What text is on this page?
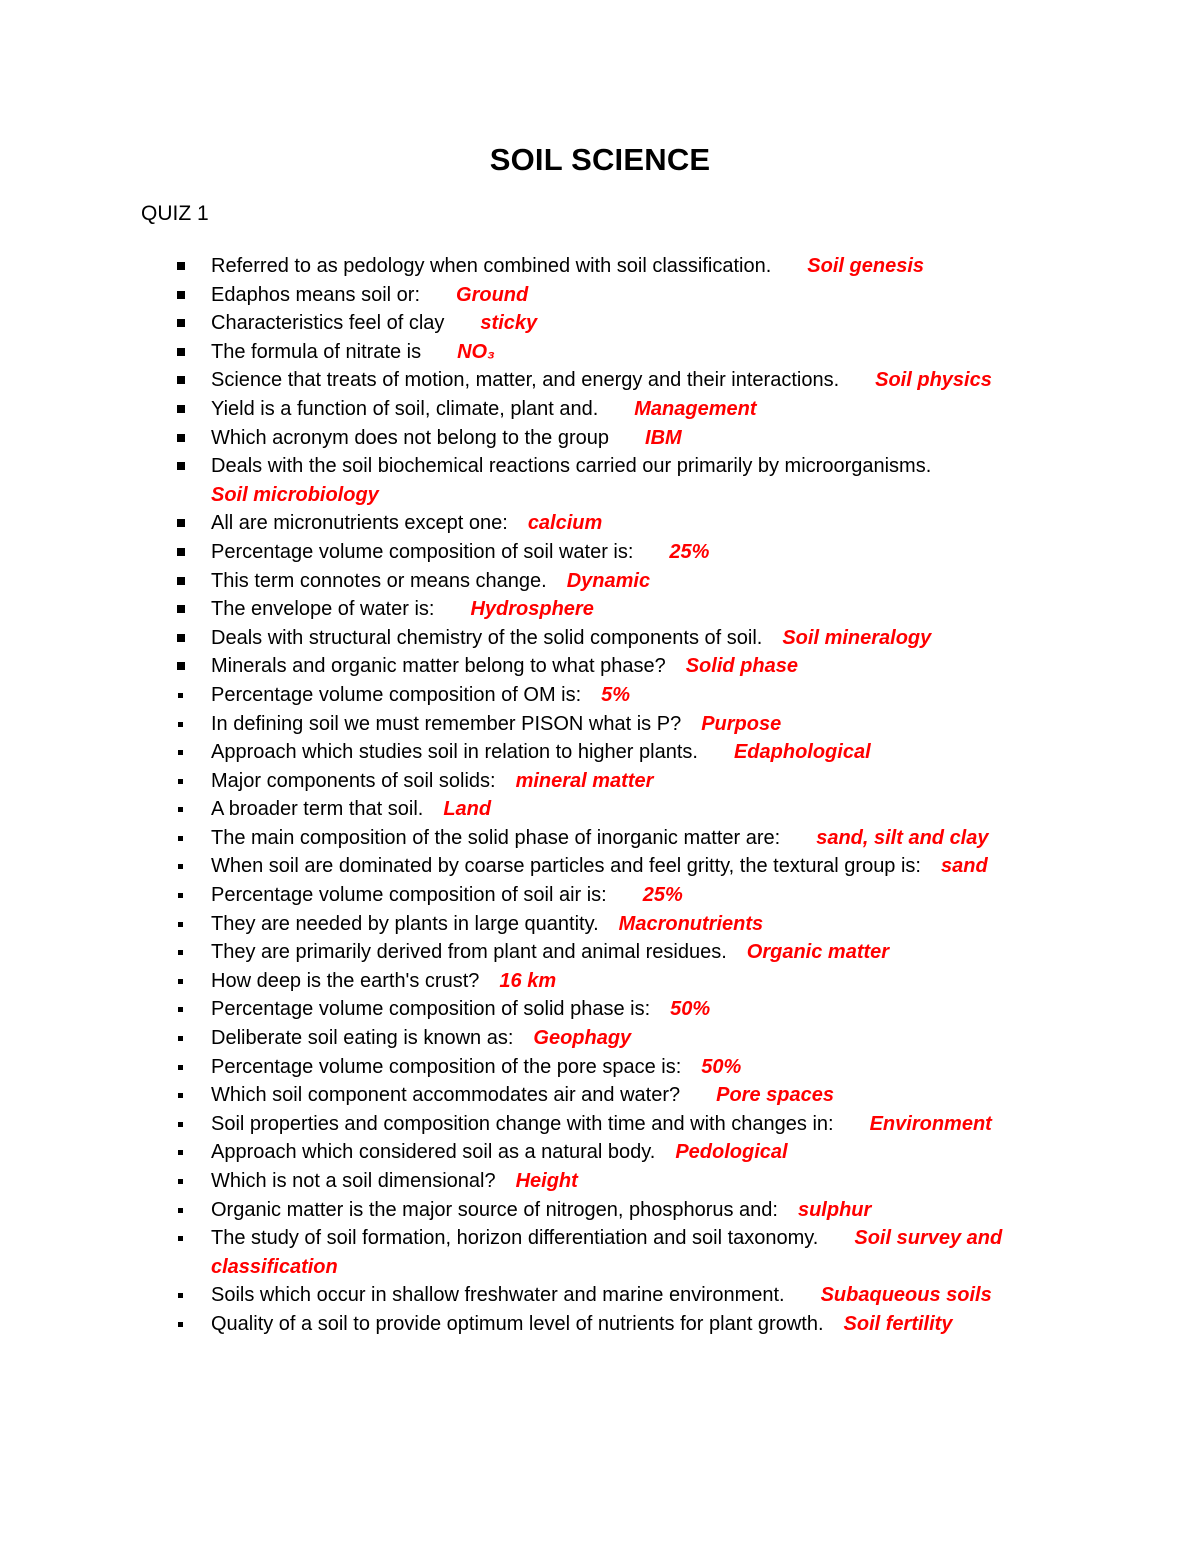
SOIL SCIENCE
QUIZ 1
Referred to as pedology when combined with soil classification. Soil genesis
Edaphos means soil or: Ground
Characteristics feel of clay sticky
The formula of nitrate is NO₃
Science that treats of motion, matter, and energy and their interactions. Soil physics
Yield is a function of soil, climate, plant and. Management
Which acronym does not belong to the group IBM
Deals with the soil biochemical reactions carried our primarily by microorganisms.
Soil microbiology
All are micronutrients except one: calcium
Percentage volume composition of soil water is: 25%
This term connotes or means change. Dynamic
The envelope of water is: Hydrosphere
Deals with structural chemistry of the solid components of soil. Soil mineralogy
Minerals and organic matter belong to what phase? Solid phase
Percentage volume composition of OM is: 5%
In defining soil we must remember PISON what is P? Purpose
Approach which studies soil in relation to higher plants. Edaphological
Major components of soil solids: mineral matter
A broader term that soil. Land
The main composition of the solid phase of inorganic matter are: sand, silt and clay
When soil are dominated by coarse particles and feel gritty, the textural group is: sand
Percentage volume composition of soil air is: 25%
They are needed by plants in large quantity. Macronutrients
They are primarily derived from plant and animal residues. Organic matter
How deep is the earth's crust? 16 km
Percentage volume composition of solid phase is: 50%
Deliberate soil eating is known as: Geophagy
Percentage volume composition of the pore space is: 50%
Which soil component accommodates air and water? Pore spaces
Soil properties and composition change with time and with changes in: Environment
Approach which considered soil as a natural body. Pedological
Which is not a soil dimensional? Height
Organic matter is the major source of nitrogen, phosphorus and: sulphur
The study of soil formation, horizon differentiation and soil taxonomy. Soil survey and classification
Soils which occur in shallow freshwater and marine environment. Subaqueous soils
Quality of a soil to provide optimum level of nutrients for plant growth. Soil fertility
